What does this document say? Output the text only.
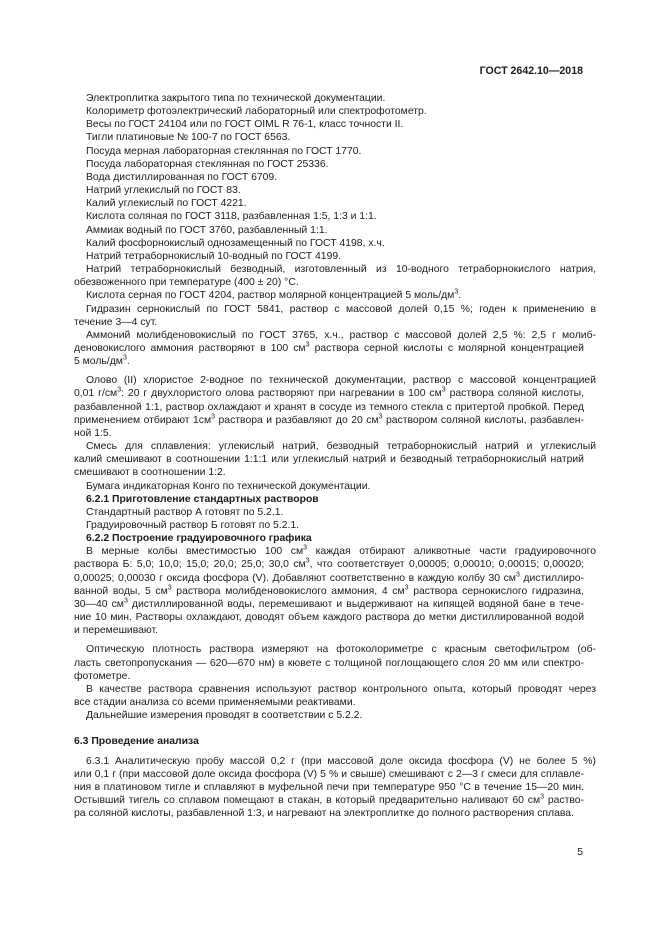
ГОСТ 2642.10—2018
Электроплитка закрытого типа по технической документации.
Колориметр фотоэлектрический лабораторный или спектрофотометр.
Весы по ГОСТ 24104 или по ГОСТ OIML R 76-1, класс точности II.
Тигли платиновые № 100-7 по ГОСТ 6563.
Посуда мерная лабораторная стеклянная по ГОСТ 1770.
Посуда лабораторная стеклянная по ГОСТ 25336.
Вода дистиллированная по ГОСТ 6709.
Натрий углекислый по ГОСТ 83.
Калий углекислый по ГОСТ 4221.
Кислота соляная по ГОСТ 3118, разбавленная 1:5, 1:3 и 1:1.
Аммиак водный по ГОСТ 3760, разбавленный 1:1.
Калий фосфорнокислый однозамещенный по ГОСТ 4198, х.ч.
Натрий тетраборнокислый 10-водный по ГОСТ 4199.
Натрий тетраборнокислый безводный, изготовленный из 10-водного тетраборнокислого натрия,
обезвоженного при температуре (400 ± 20) °С.
Кислота серная по ГОСТ 4204, раствор молярной концентрацией 5 моль/$дм^3$.
Гидразин сернокислый по ГОСТ 5841, раствор с массовой долей 0,15 %; годен к применению в
течение 3—4 сут.
Аммоний молибденовокислый по ГОСТ 3765, х.ч., раствор с массовой долей 2,5 %: 2,5 г молиб-
деновокислого аммония растворяют в 100 $см^3$ раствора серной кислоты с молярной концентрацией
5 моль/$дм^3$.
Олово (II) хлористое 2-водное по технической документации, раствор с массовой концентрацией
0,01 $г/см^3$: 20 г двухлористого олова растворяют при нагревании в 100 $см^3$ раствора соляной кислоты,
разбавленной 1:1, раствор охлаждают и хранят в сосуде из темного стекла с притертой пробкой. Перед
применением отбирают $1см^3$ раствора и разбавляют до 20 $см^3$ раствором соляной кислоты, разбавлен-
ной 1:5.
Смесь для сплавления: углекислый натрий, безводный тетраборнокислый натрий и углекислый
калий смешивают в соотношении 1:1:1 или углекислый натрий и безводный тетраборнокислый натрий
смешивают в соотношении 1:2.
Бумага индикаторная Конго по технической документации.
6.2.1 Приготовление стандартных растворов
Стандартный раствор А готовят по 5.2.1.
Градуировочный раствор Б готовят по 5.2.1.
6.2.2 Построение градуировочного графика
В мерные колбы вместимостью 100 $см^3$ каждая отбирают аликвотные части градуировочного
раствора Б: 5,0; 10,0; 15,0; 20,0; 25,0; 30,0 $см^3$, что соответствует 0,00005; 0,00010; 0,00015; 0,00020;
0,00025; 0,00030 г оксида фосфора (V). Добавляют соответственно в каждую колбу 30 $см^3$ дистиллиро-
ванной воды, 5 $см^3$ раствора молибденовокислого аммония, 4 $см^3$ раствора сернокислого гидразина,
30—40 $см^3$ дистиллированной воды, перемешивают и выдерживают на кипящей водяной бане в тече-
ние 10 мин. Растворы охлаждают, доводят объем каждого раствора до метки дистиллированной водой
и перемешивают.
Оптическую плотность раствора измеряют на фотоколориметре с красным светофильтром (об-
ласть светопропускания — 620—670 нм) в кювете с толщиной поглощающего слоя 20 мм или спектро-
фотометре.
В качестве раствора сравнения используют раствор контрольного опыта, который проводят через
все стадии анализа со всеми применяемыми реактивами.
Дальнейшие измерения проводят в соответствии с 5.2.2.
6.3 Проведение анализа
6.3.1 Аналитическую пробу массой 0,2 г (при массовой доле оксида фосфора (V) не более 5 %)
или 0,1 г (при массовой доле оксида фосфора (V) 5 % и свыше) смешивают с 2—3 г смеси для сплавле-
ния в платиновом тигле и сплавляют в муфельной печи при температуре 950 °С в течение 15—20 мин.
Остывший тигель со сплавом помещают в стакан, в который предварительно наливают 60 $см^3$ раство-
ра соляной кислоты, разбавленной 1:3, и нагревают на электроплитке до полного растворения сплава.
5
